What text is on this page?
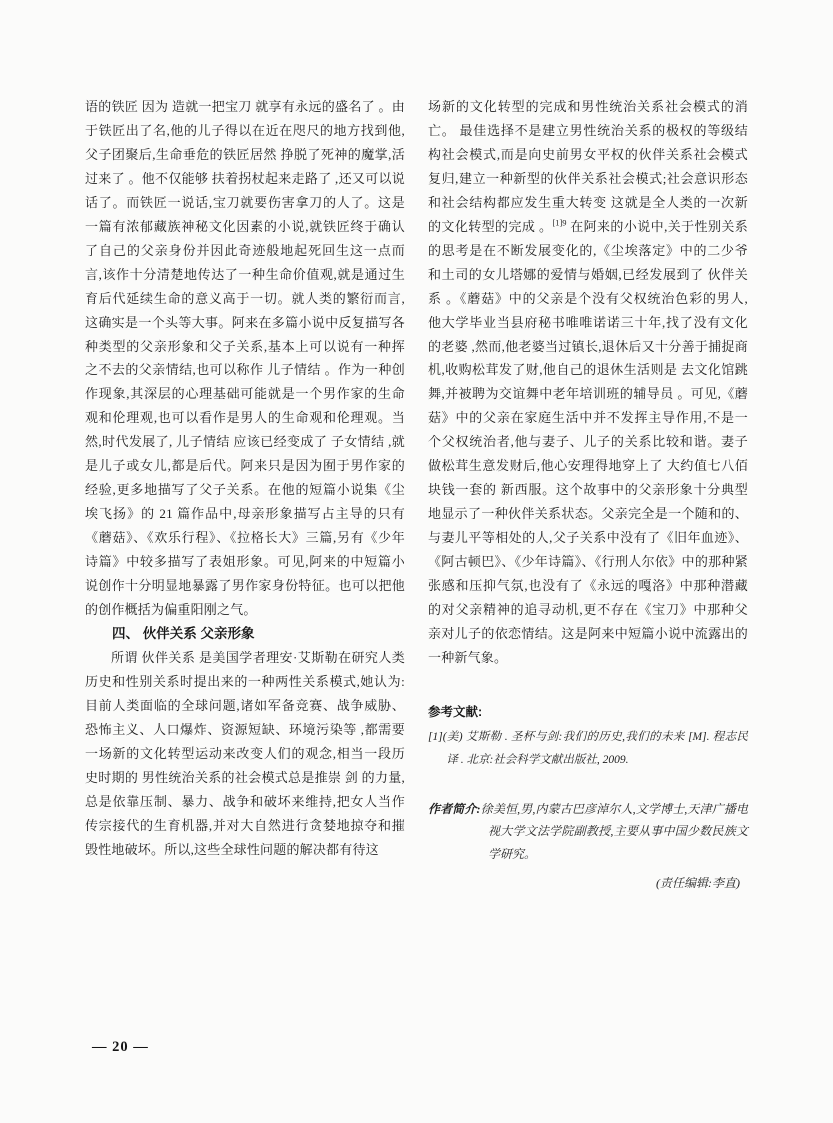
语的铁匠 因为 造就一把宝刀 就享有永远的盛名了 。由于铁匠出了名,他的儿子得以在近在咫尺的地方找到他,父子团聚后,生命垂危的铁匠居然 挣脱了死神的魔掌,活过来了 。他不仅能够 扶着拐杖起来走路了 ,还又可以说话了。而铁匠一说话,宝刀就要伤害拿刀的人了。这是一篇有浓郁藏族神秘文化因素的小说,就铁匠终于确认了自己的父亲身份并因此奇迹般地起死回生这一点而言,该作十分清楚地传达了一种生命价值观,就是通过生育后代延续生命的意义高于一切。就人类的繁衍而言,这确实是一个头等大事。阿来在多篇小说中反复描写各种类型的父亲形象和父子关系,基本上可以说有一种挥之不去的父亲情结,也可以称作 儿子情结 。作为一种创作现象,其深层的心理基础可能就是一个男作家的生命观和伦理观,也可以看作是男人的生命观和伦理观。当然,时代发展了, 儿子情结 应该已经变成了 子女情结 ,就是儿子或女儿,都是后代。阿来只是因为囿于男作家的经验,更多地描写了父子关系。在他的短篇小说集《尘埃飞扬》的 21 篇作品中,母亲形象描写占主导的只有《蘑菇》、《欢乐行程》、《拉格长大》三篇,另有《少年诗篇》中较多描写了表姐形象。可见,阿来的中短篇小说创作十分明显地暴露了男作家身份特征。也可以把他的创作概括为偏重阳刚之气。

四、 伙伴关系 父亲形象

所谓 伙伴关系 是美国学者理安·艾斯勒在研究人类历史和性别关系时提出来的一种两性关系模式,她认为: 目前人类面临的全球问题,诸如军备竞赛、战争威胁、恐怖主义、人口爆炸、资源短缺、环境污染等 ,都需要一场新的文化转型运动来改变人们的观念,相当一段历史时期的 男性统治关系的社会模式总是推崇 剑 的力量,总是依靠压制、暴力、战争和破坏来维持,把女人当作传宗接代的生育机器,并对大自然进行贪婪地掠夺和摧毁性地破坏。所以,这些全球性问题的解决都有待这

场新的文化转型的完成和男性统治关系社会模式的消亡。 最佳选择不是建立男性统治关系的极权的等级结构社会模式,而是向史前男女平权的伙伴关系社会模式复归,建立一种新型的伙伴关系社会模式;社会意识形态和社会结构都应发生重大转变 这就是全人类的一次新的文化转型的完成 。$^{[1]9}$ 在阿来的小说中,关于性别关系的思考是在不断发展变化的,《尘埃落定》中的二少爷和土司的女儿塔娜的爱情与婚姻,已经发展到了 伙伴关系 。《蘑菇》中的父亲是个没有父权统治色彩的男人, 他大学毕业当县府秘书唯唯诺诺三十年,找了没有文化的老婆 ,然而,他老婆当过镇长,退休后又十分善于捕捉商机,收购松茸发了财,他自己的退休生活则是 去文化馆跳舞,并被聘为交谊舞中老年培训班的辅导员 。可见,《蘑菇》中的父亲在家庭生活中并不发挥主导作用,不是一个父权统治者,他与妻子、儿子的关系比较和谐。妻子做松茸生意发财后,他心安理得地穿上了 大约值七八佰块钱一套的 新西服。这个故事中的父亲形象十分典型地显示了一种伙伴关系状态。父亲完全是一个随和的、与妻儿平等相处的人,父子关系中没有了《旧年血迹》、《阿古顿巴》、《少年诗篇》、《行刑人尔依》中的那种紧张感和压抑气氛,也没有了《永远的嘎洛》中那种潜藏的对父亲精神的追寻动机,更不存在《宝刀》中那种父亲对儿子的依恋情结。这是阿来中短篇小说中流露出的一种新气象。

参考文献:

[1](美) 艾斯勒 . 圣杯与剑:我们的历史,我们的未来 [M]. 程志民译 . 北京:社会科学文献出版社, 2009.

作者简介:徐美恒,男,内蒙古巴彦淖尔人,文学博士,天津广播电视大学文法学院副教授,主要从事中国少数民族文学研究。

(责任编辑:李直)

— 20 —
